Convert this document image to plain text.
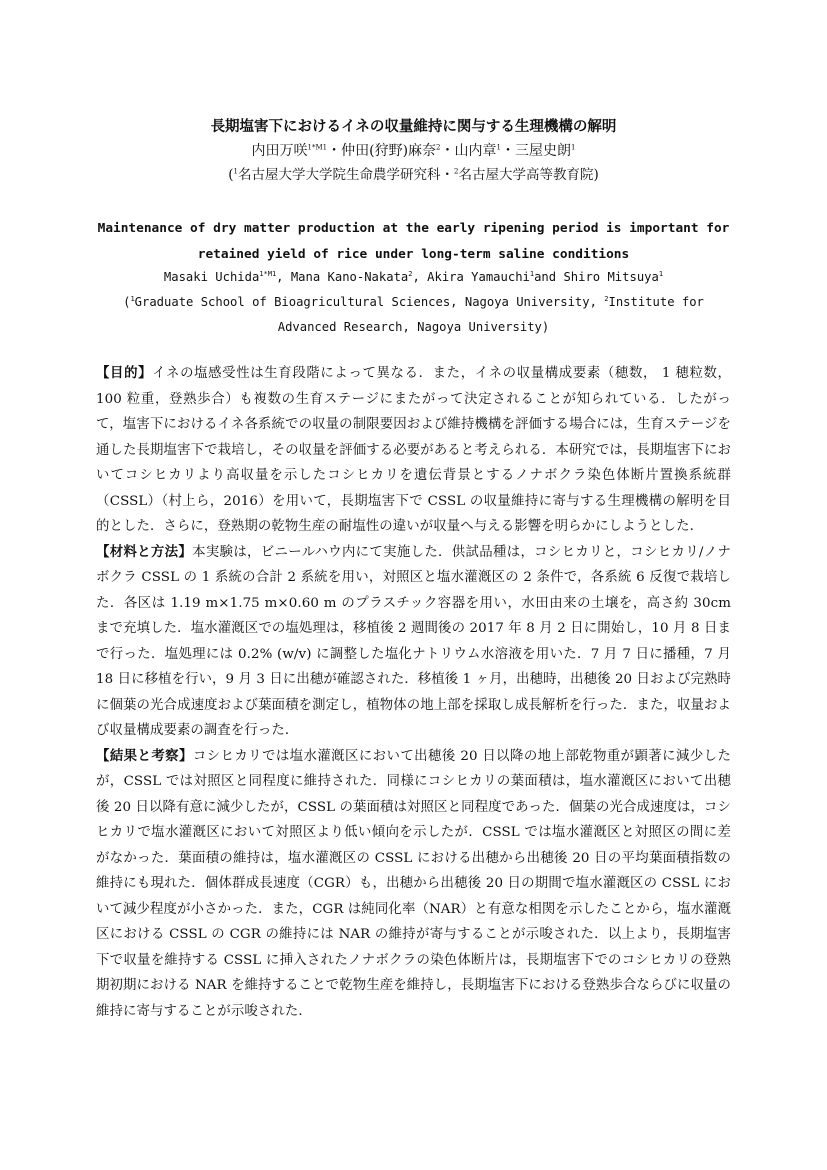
長期塩害下におけるイネの収量維持に関与する生理機構の解明
内田万咲$^{1*M1}$・仲田(狩野)麻奈$^2$・山内章$^1$・三屋史朗$^1$
($^1$名古屋大学大学院生命農学研究科・$^2$名古屋大学高等教育院)
Maintenance of dry matter production at the early ripening period is important for retained yield of rice under long-term saline conditions
Masaki Uchida$^{1*M1}$, Mana Kano-Nakata$^2$, Akira Yamauchi$^1$and Shiro Mitsuya$^1$
($^1$Graduate School of Bioagricultural Sciences, Nagoya University, $^2$Institute for Advanced Research, Nagoya University)

【目的】イネの塩感受性は生育段階によって異なる．また，イネの収量構成要素（穂数， 1 穂粒数，100 粒重，登熟歩合）も複数の生育ステージにまたがって決定されることが知られている．したがって，塩害下におけるイネ各系統での収量の制限要因および維持機構を評価する場合には，生育ステージを通した長期塩害下で栽培し，その収量を評価する必要があると考えられる．本研究では，長期塩害下においてコシヒカリより高収量を示したコシヒカリを遺伝背景とするノナボクラ染色体断片置換系統群（CSSL）（村上ら，2016）を用いて，長期塩害下で CSSL の収量維持に寄与する生理機構の解明を目的とした．さらに，登熟期の乾物生産の耐塩性の違いが収量へ与える影響を明らかにしようとした．

【材料と方法】本実験は，ビニールハウ内にて実施した．供試品種は，コシヒカリと，コシヒカリ/ノナボクラ CSSL の 1 系統の合計 2 系統を用い，対照区と塩水灌漑区の 2 条件で，各系統 6 反復で栽培した．各区は 1.19 m×1.75 m×0.60 m のプラスチック容器を用い，水田由来の土壌を，高さ約 30cm まで充填した．塩水灌漑区での塩処理は，移植後 2 週間後の 2017 年 8 月 2 日に開始し，10 月 8 日まで行った．塩処理には 0.2% (w/v) に調整した塩化ナトリウム水溶液を用いた．7 月 7 日に播種，7 月 18 日に移植を行い，9 月 3 日に出穂が確認された．移植後 1 ヶ月，出穂時，出穂後 20 日および完熟時に個葉の光合成速度および葉面積を測定し，植物体の地上部を採取し成長解析を行った．また，収量および収量構成要素の調査を行った．

【結果と考察】コシヒカリでは塩水灌漑区において出穂後 20 日以降の地上部乾物重が顕著に減少したが，CSSL では対照区と同程度に維持された．同様にコシヒカリの葉面積は，塩水灌漑区において出穂後 20 日以降有意に減少したが，CSSL の葉面積は対照区と同程度であった．個葉の光合成速度は，コシヒカリで塩水灌漑区において対照区より低い傾向を示したが．CSSL では塩水灌漑区と対照区の間に差がなかった．葉面積の維持は，塩水灌漑区の CSSL における出穂から出穂後 20 日の平均葉面積指数の維持にも現れた．個体群成長速度（CGR）も，出穂から出穂後 20 日の期間で塩水灌漑区の CSSL において減少程度が小さかった．また，CGR は純同化率（NAR）と有意な相関を示したことから，塩水灌漑区における CSSL の CGR の維持には NAR の維持が寄与することが示唆された．以上より，長期塩害下で収量を維持する CSSL に挿入されたノナボクラの染色体断片は，長期塩害下でのコシヒカリの登熟期初期における NAR を維持することで乾物生産を維持し，長期塩害下における登熟歩合ならびに収量の維持に寄与することが示唆された．
